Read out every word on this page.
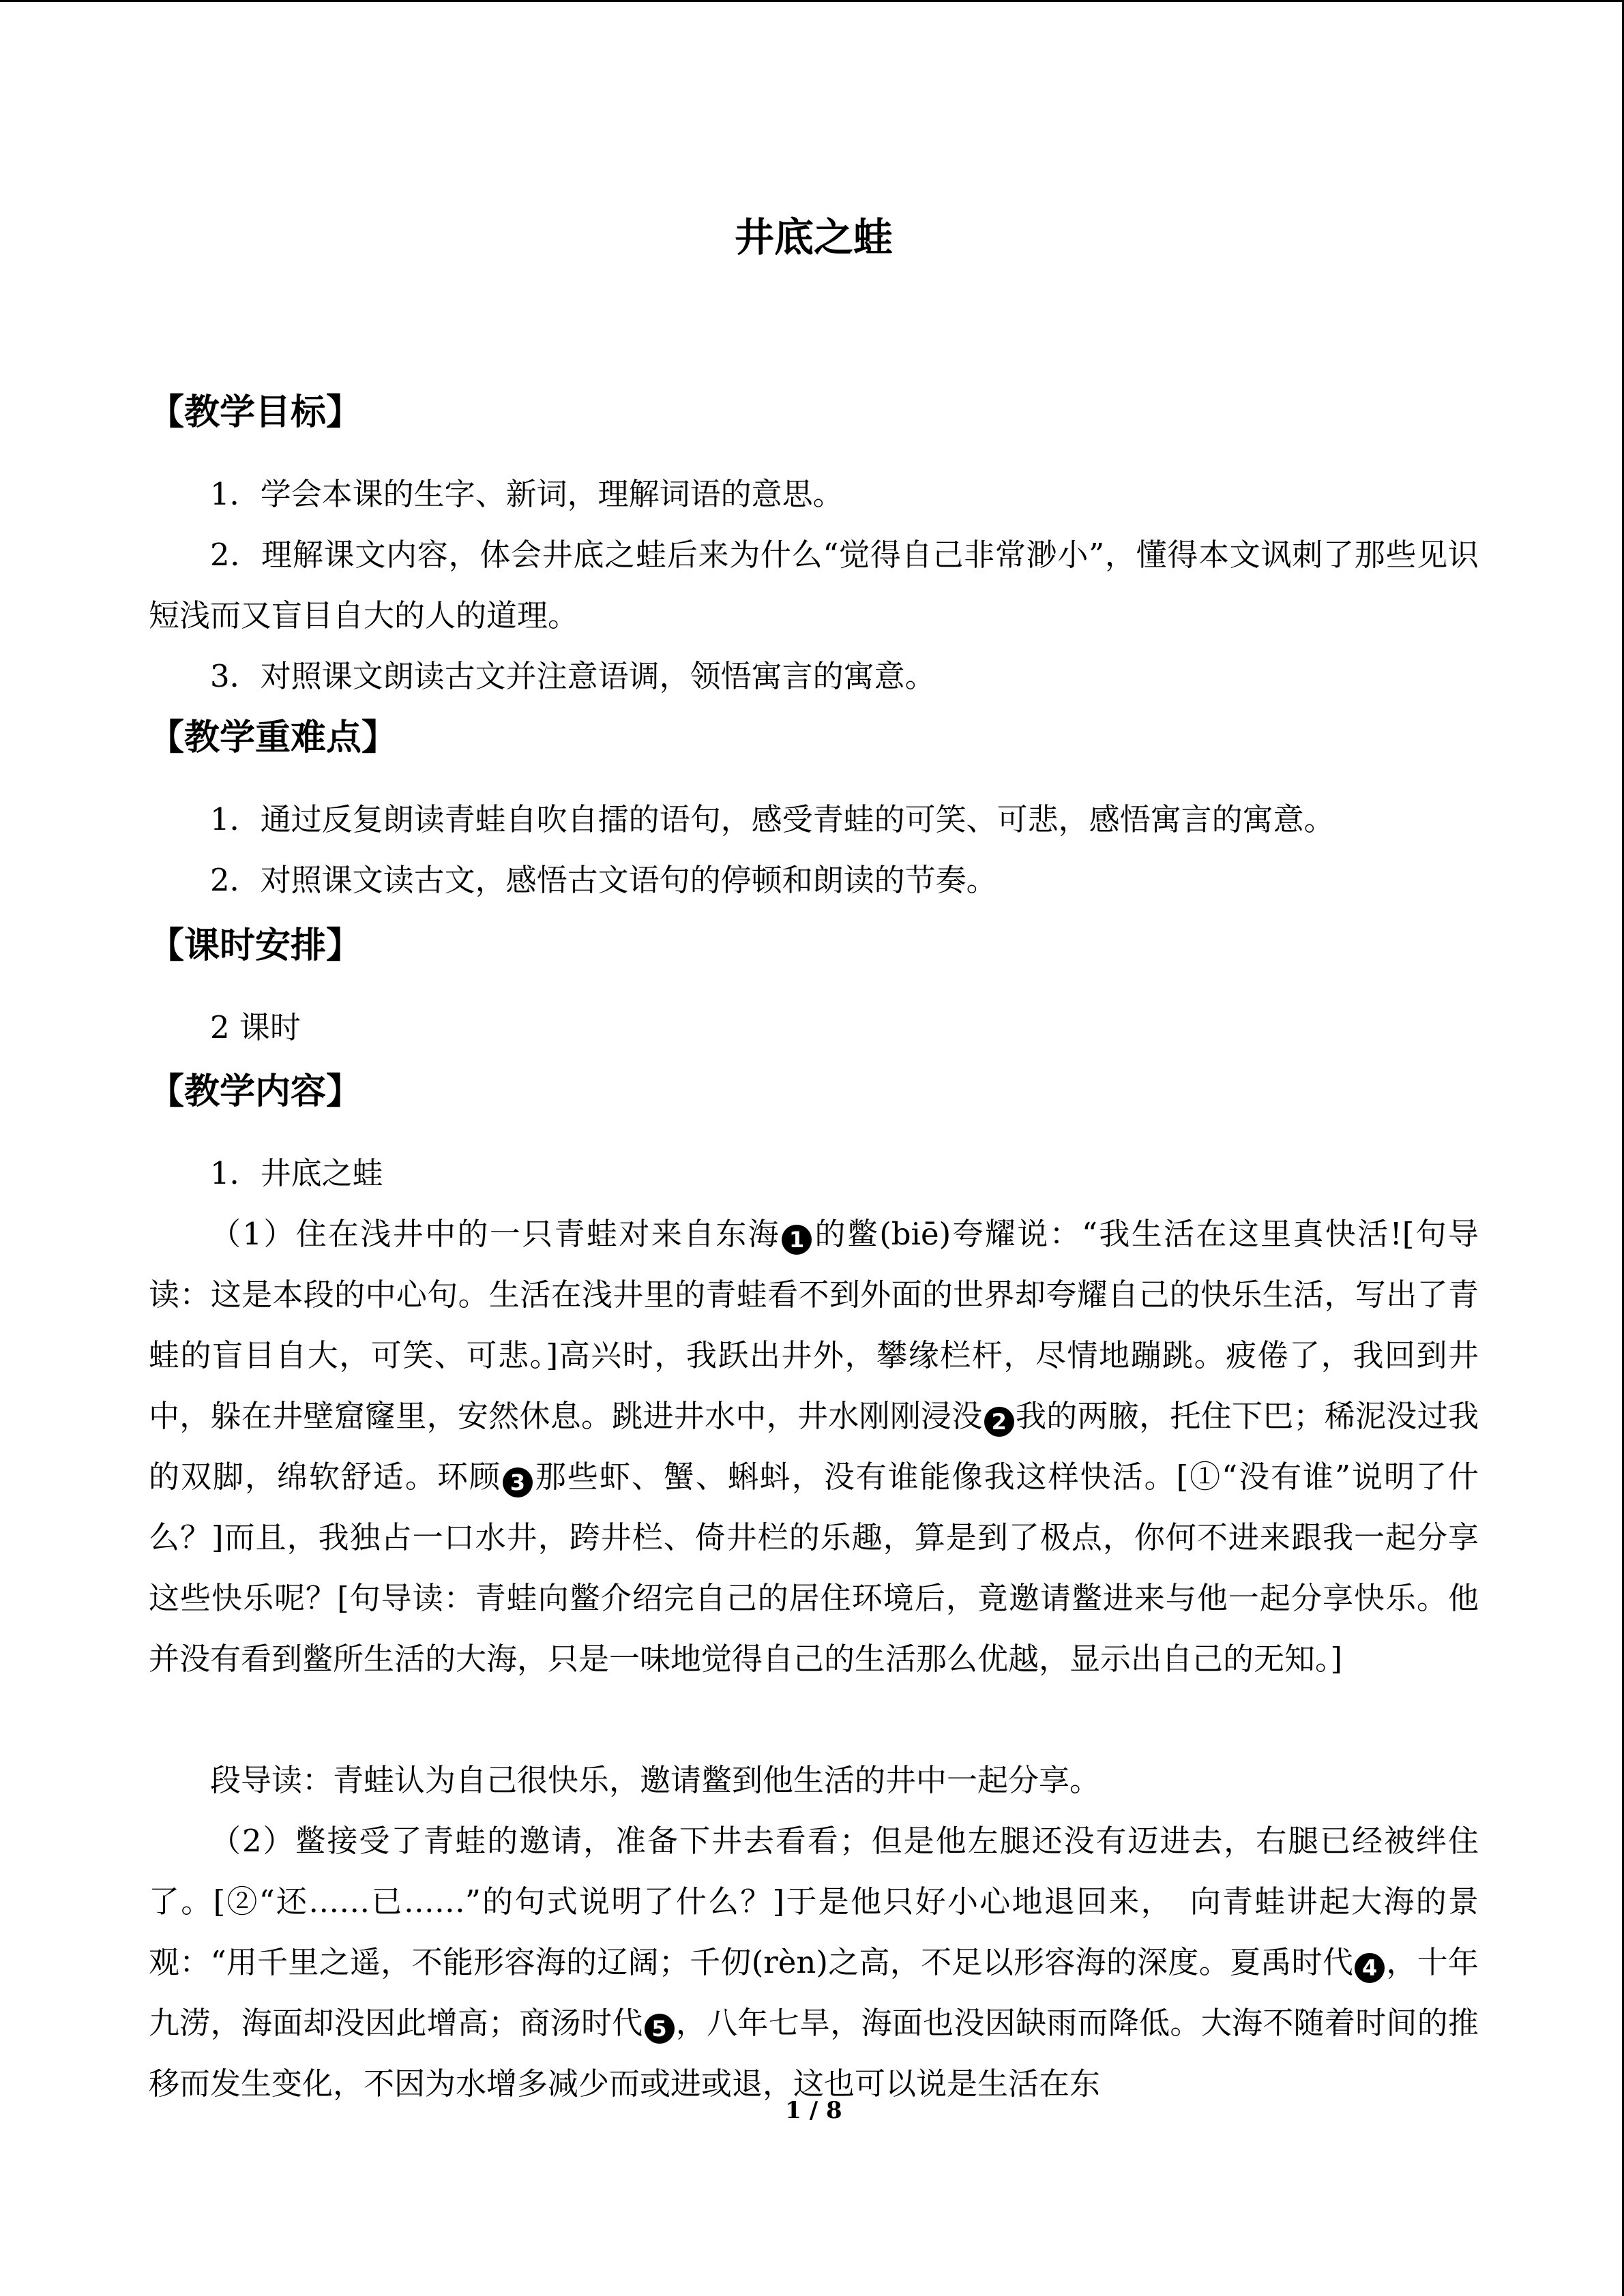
井底之蛙
【教学目标】

1．学会本课的生字、新词，理解词语的意思。

2．理解课文内容，体会井底之蛙后来为什么“觉得自己非常渺小”，懂得本文讽刺了那些见识短浅而又盲目自大的人的道理。

3．对照课文朗读古文并注意语调，领悟寓言的寓意。

【教学重难点】

1．通过反复朗读青蛙自吹自擂的语句，感受青蛙的可笑、可悲，感悟寓言的寓意。

2．对照课文读古文，感悟古文语句的停顿和朗读的节奏。

【课时安排】

2 课时

【教学内容】

1．井底之蛙

（1）住在浅井中的一只青蛙对来自东海 1 的鳖(biē)夸耀说：“我生活在这里真快活![句导读：这是本段的中心句。生活在浅井里的青蛙看不到外面的世界却夸耀自己的快乐生活，写出了青蛙的盲目自大，可笑、可悲。]高兴时，我跃出井外，攀缘栏杆，尽情地蹦跳。疲倦了，我回到井中，躲在井壁窟窿里，安然休息。跳进井水中，井水刚刚浸没 2 我的两腋，托住下巴；稀泥没过我的双脚，绵软舒适。环顾 3 那些虾、蟹、蝌蚪，没有谁能像我这样快活。[①“没有谁”说明了什么？]而且，我独占一口水井，跨井栏、倚井栏的乐趣，算是到了极点，你何不进来跟我一起分享这些快乐呢？[句导读：青蛙向鳖介绍完自己的居住环境后，竟邀请鳖进来与他一起分享快乐。他并没有看到鳖所生活的大海，只是一味地觉得自己的生活那么优越，显示出自己的无知。]

段导读：青蛙认为自己很快乐，邀请鳖到他生活的井中一起分享。

（2）鳖接受了青蛙的邀请，准备下井去看看；但是他左腿还没有迈进去，右腿已经被绊住了。[②“还……已……”的句式说明了什么？]于是他只好小心地退回来，　向青蛙讲起大海的景观：“用千里之遥，不能形容海的辽阔；千仞(rèn)之高，不足以形容海的深度。夏禹时代 4 ，十年九涝，海面却没因此增高；商汤时代 5 ，八年七旱，海面也没因缺雨而降低。大海不随着时间的推移而发生变化，不因为水增多减少而或进或退，这也可以说是生活在东

1 / 8
